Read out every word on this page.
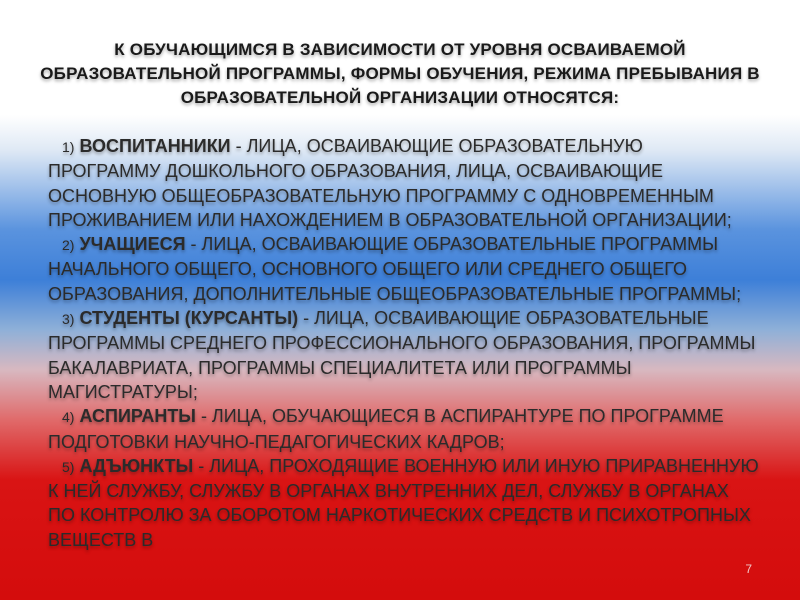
К ОБУЧАЮЩИМСЯ В ЗАВИСИМОСТИ ОТ УРОВНЯ ОСВАИВАЕМОЙ ОБРАЗОВАТЕЛЬНОЙ ПРОГРАММЫ, ФОРМЫ ОБУЧЕНИЯ, РЕЖИМА ПРЕБЫВАНИЯ В ОБРАЗОВАТЕЛЬНОЙ ОРГАНИЗАЦИИ ОТНОСЯТСЯ:

1) ВОСПИТАННИКИ - ЛИЦА, ОСВАИВАЮЩИЕ ОБРАЗОВАТЕЛЬНУЮ ПРОГРАММУ ДОШКОЛЬНОГО ОБРАЗОВАНИЯ, ЛИЦА, ОСВАИВАЮЩИЕ ОСНОВНУЮ ОБЩЕОБРАЗОВАТЕЛЬНУЮ ПРОГРАММУ С ОДНОВРЕМЕННЫМ ПРОЖИВАНИЕМ ИЛИ НАХОЖДЕНИЕМ В ОБРАЗОВАТЕЛЬНОЙ ОРГАНИЗАЦИИ;

2) УЧАЩИЕСЯ - ЛИЦА, ОСВАИВАЮЩИЕ ОБРАЗОВАТЕЛЬНЫЕ ПРОГРАММЫ НАЧАЛЬНОГО ОБЩЕГО, ОСНОВНОГО ОБЩЕГО ИЛИ СРЕДНЕГО ОБЩЕГО ОБРАЗОВАНИЯ, ДОПОЛНИТЕЛЬНЫЕ ОБЩЕОБРАЗОВАТЕЛЬНЫЕ ПРОГРАММЫ;

3) СТУДЕНТЫ (КУРСАНТЫ) - ЛИЦА, ОСВАИВАЮЩИЕ ОБРАЗОВАТЕЛЬНЫЕ ПРОГРАММЫ СРЕДНЕГО ПРОФЕССИОНАЛЬНОГО ОБРАЗОВАНИЯ, ПРОГРАММЫ БАКАЛАВРИАТА, ПРОГРАММЫ СПЕЦИАЛИТЕТА ИЛИ ПРОГРАММЫ МАГИСТРАТУРЫ;

4) АСПИРАНТЫ - ЛИЦА, ОБУЧАЮЩИЕСЯ В АСПИРАНТУРЕ ПО ПРОГРАММЕ ПОДГОТОВКИ НАУЧНО-ПЕДАГОГИЧЕСКИХ КАДРОВ;

5) АДЪЮНКТЫ - ЛИЦА, ПРОХОДЯЩИЕ ВОЕННУЮ ИЛИ ИНУЮ ПРИРАВНЕННУЮ К НЕЙ СЛУЖБУ, СЛУЖБУ В ОРГАНАХ ВНУТРЕННИХ ДЕЛ, СЛУЖБУ В ОРГАНАХ ПО КОНТРОЛЮ ЗА ОБОРОТОМ НАРКОТИЧЕСКИХ СРЕДСТВ И ПСИХОТРОПНЫХ ВЕЩЕСТВ В

7
